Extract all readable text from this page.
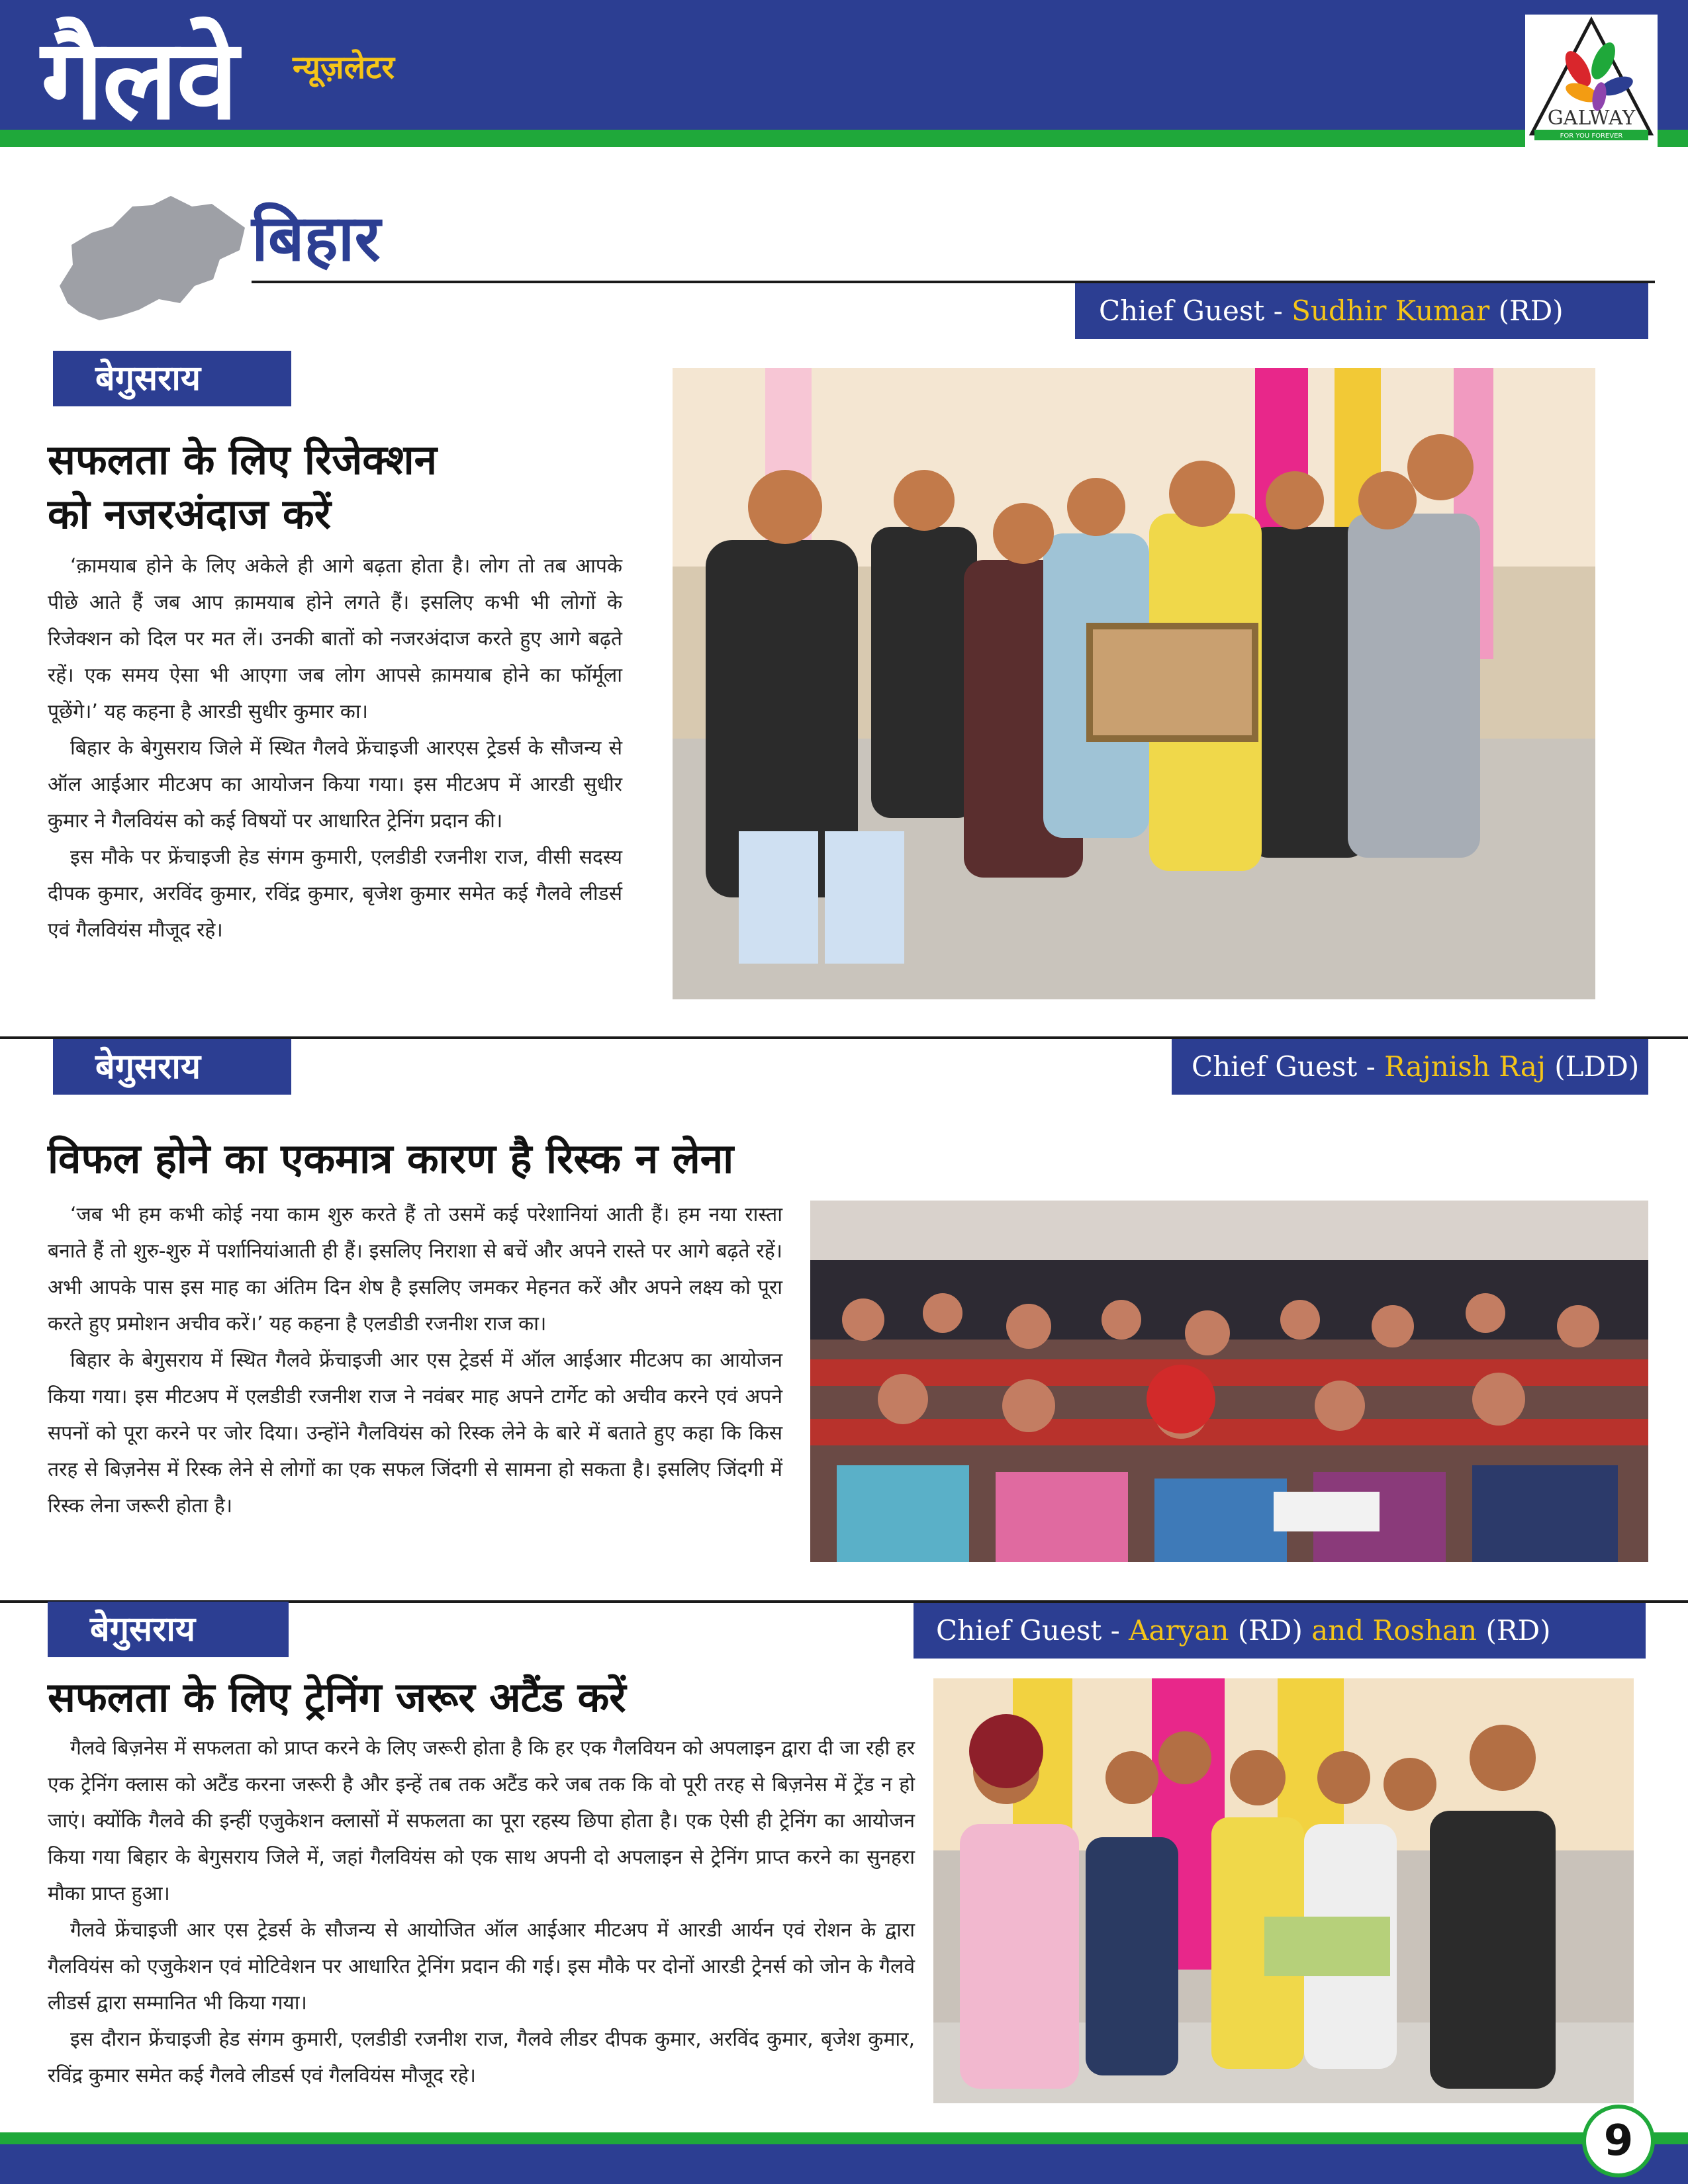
गैलवे न्यूज़लेटर
GALWAY
FOR YOU FOREVER
बिहार
Chief Guest - Sudhir Kumar (RD)
बेगुसराय
सफलता के लिए रिजेक्शन
को नजरअंदाज करें

‘क़ामयाब होने के लिए अकेले ही आगे बढ़ता होता है। लोग तो तब आपके पीछे आते हैं जब आप क़ामयाब होने लगते हैं। इसलिए कभी भी लोगों के रिजेक्शन को दिल पर मत लें। उनकी बातों को नजरअंदाज करते हुए आगे बढ़ते रहें। एक समय ऐसा भी आएगा जब लोग आपसे क़ामयाब होने का फॉर्मूला पूछेंगे।’ यह कहना है आरडी सुधीर कुमार का।

बिहार के बेगुसराय जिले में स्थित गैलवे फ्रेंचाइजी आरएस ट्रेडर्स के सौजन्य से ऑल आईआर मीटअप का आयोजन किया गया। इस मीटअप में आरडी सुधीर कुमार ने गैलवियंस को कई विषयों पर आधारित ट्रेनिंग प्रदान की।

इस मौके पर फ्रेंचाइजी हेड संगम कुमारी, एलडीडी रजनीश राज, वीसी सदस्य दीपक कुमार, अरविंद कुमार, रविंद्र कुमार, बृजेश कुमार समेत कई गैलवे लीडर्स एवं गैलवियंस मौजूद रहे।

बेगुसराय	Chief Guest - Rajnish Raj (LDD)
विफल होने का एकमात्र कारण है रिस्क न लेना

‘जब भी हम कभी कोई नया काम शुरु करते हैं तो उसमें कई परेशानियां आती हैं। हम नया रास्ता बनाते हैं तो शुरु-शुरु में पर्शानियांआती ही हैं। इसलिए निराशा से बचें और अपने रास्ते पर आगे बढ़ते रहें। अभी आपके पास इस माह का अंतिम दिन शेष है इसलिए जमकर मेहनत करें और अपने लक्ष्य को पूरा करते हुए प्रमोशन अचीव करें।’ यह कहना है एलडीडी रजनीश राज का।

बिहार के बेगुसराय में स्थित गैलवे फ्रेंचाइजी आर एस ट्रेडर्स में ऑल आईआर मीटअप का आयोजन किया गया। इस मीटअप में एलडीडी रजनीश राज ने नवंबर माह अपने टार्गेट को अचीव करने एवं अपने सपनों को पूरा करने पर जोर दिया। उन्होंने गैलवियंस को रिस्क लेने के बारे में बताते हुए कहा कि किस तरह से बिज़नेस में रिस्क लेने से लोगों का एक सफल जिंदगी से सामना हो सकता है। इसलिए जिंदगी में रिस्क लेना जरूरी होता है।

बेगुसराय	Chief Guest - Aaryan (RD) and Roshan (RD)
सफलता के लिए ट्रेनिंग जरूर अटैंड करें

गैलवे बिज़नेस में सफलता को प्राप्त करने के लिए जरूरी होता है कि हर एक गैलवियन को अपलाइन द्वारा दी जा रही हर एक ट्रेनिंग क्लास को अटैंड करना जरूरी है और इन्हें तब तक अटैंड करे जब तक कि वो पूरी तरह से बिज़नेस में ट्रेंड न हो जाएं। क्योंकि गैलवे की इन्हीं एजुकेशन क्लासों में सफलता का पूरा रहस्य छिपा होता है। एक ऐसी ही ट्रेनिंग का आयोजन किया गया बिहार के बेगुसराय जिले में, जहां गैलवियंस को एक साथ अपनी दो अपलाइन से ट्रेनिंग प्राप्त करने का सुनहरा मौका प्राप्त हुआ।

गैलवे फ्रेंचाइजी आर एस ट्रेडर्स के सौजन्य से आयोजित ऑल आईआर मीटअप में आरडी आर्यन एवं रोशन के द्वारा गैलवियंस को एजुकेशन एवं मोटिवेशन पर आधारित ट्रेनिंग प्रदान की गई। इस मौके पर दोनों आरडी ट्रेनर्स को जोन के गैलवे लीडर्स द्वारा सम्मानित भी किया गया।

इस दौरान फ्रेंचाइजी हेड संगम कुमारी, एलडीडी रजनीश राज, गैलवे लीडर दीपक कुमार, अरविंद कुमार, बृजेश कुमार, रविंद्र कुमार समेत कई गैलवे लीडर्स एवं गैलवियंस मौजूद रहे।

9
